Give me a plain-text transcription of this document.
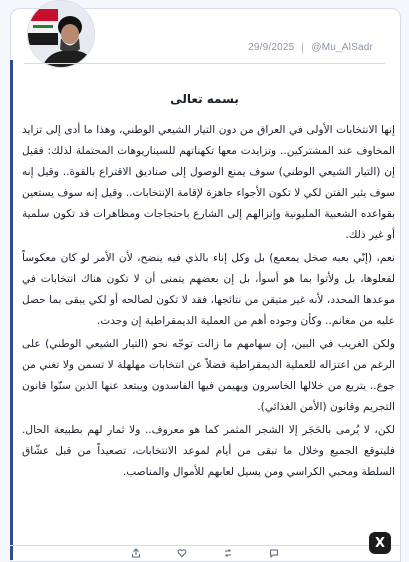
29/9/2025 @Mu_AlSadr
بسمه تعالى

إنها الانتخابات الأولى في العراق من دون التيار الشيعي الوطني، وهذا ما أدى إلى تزايد المخاوف عند المشتركين.. وتزايدت معها تكهناتهم للسيناريوهات المحتملة لذلك: فقيل إن (التيار الشيعي الوطني) سوف يمنع الوصول إلى صناديق الاقتراع بالقوة.. وقيل إنه سوف يثير الفتن لكي لا تكون الأجواء جاهزة لإقامة الإنتخابات.. وقيل إنه سوف يستعين بقواعده الشعبية المليونية وإنزالهم إلى الشارع باحتجاجات ومظاهرات قد تكون سلمية أو غير ذلك.

نعم، (إنّي بعبه صخل يمعمع) بل وكل إناء بالذي فيه ينضح، لأن الأمر لو كان معكوساً لفعلوها، بل ولأتوا بما هو أسوأ، بل إن بعضهم يتمنى أن لا تكون هناك انتخابات في موعدها المحدد، لأنه غير متيقن من نتائجها، فقد لا تكون لصالحه أو لكي يبقى بما حصل عليه من مغانم.. وكأن وجوده أهم من العملية الديمقراطية إن وجدت.

ولكن الغريب في البين، إن سهامهم ما زالت توجّه نحو (التيار الشيعي الوطني) على الرغم من اعتزاله للعملية الديمقراطية فضلاً عن انتخابات مهلهلة لا تسمن ولا تغني من جوع.. يتربع من خلالها الخاسرون ويهيمن فيها الفاسدون ويبتعد عنها الذين سنّوا قانون التجريم وقانون (الأمن الغذائي).

لكن، لا يُرمى بالحَجَر إلا الشجر المثمر كما هو معروف.. ولا ثمار لهم بطبيعة الحال. فليتوقع الجميع وخلال ما تبقى من أيام لموعد الانتخابات، تصعيداً من قبل عشّاق السلطة ومحبي الكراسي ومن يسيل لعابهم للأموال والمناصب.

X
